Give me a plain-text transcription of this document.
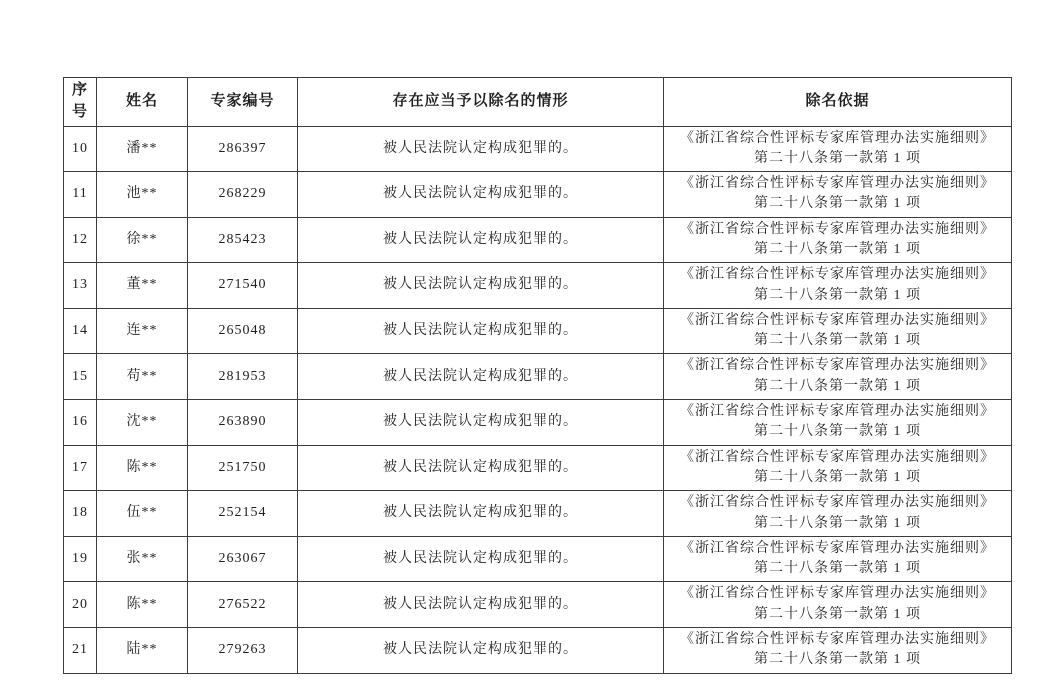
序号	姓名	专家编号	存在应当予以除名的情形	除名依据
10	潘**	286397	被人民法院认定构成犯罪的。	《浙江省综合性评标专家库管理办法实施细则》
第二十八条第一款第 1 项

11	池**	268229	被人民法院认定构成犯罪的。	《浙江省综合性评标专家库管理办法实施细则》
第二十八条第一款第 1 项

12	徐**	285423	被人民法院认定构成犯罪的。	《浙江省综合性评标专家库管理办法实施细则》
第二十八条第一款第 1 项

13	董**	271540	被人民法院认定构成犯罪的。	《浙江省综合性评标专家库管理办法实施细则》
第二十八条第一款第 1 项

14	连**	265048	被人民法院认定构成犯罪的。	《浙江省综合性评标专家库管理办法实施细则》
第二十八条第一款第 1 项

15	苟**	281953	被人民法院认定构成犯罪的。	《浙江省综合性评标专家库管理办法实施细则》
第二十八条第一款第 1 项

16	沈**	263890	被人民法院认定构成犯罪的。	《浙江省综合性评标专家库管理办法实施细则》
第二十八条第一款第 1 项

17	陈**	251750	被人民法院认定构成犯罪的。	《浙江省综合性评标专家库管理办法实施细则》
第二十八条第一款第 1 项

18	伍**	252154	被人民法院认定构成犯罪的。	《浙江省综合性评标专家库管理办法实施细则》
第二十八条第一款第 1 项

19	张**	263067	被人民法院认定构成犯罪的。	《浙江省综合性评标专家库管理办法实施细则》
第二十八条第一款第 1 项

20	陈**	276522	被人民法院认定构成犯罪的。	《浙江省综合性评标专家库管理办法实施细则》
第二十八条第一款第 1 项

21	陆**	279263	被人民法院认定构成犯罪的。	《浙江省综合性评标专家库管理办法实施细则》
第二十八条第一款第 1 项
